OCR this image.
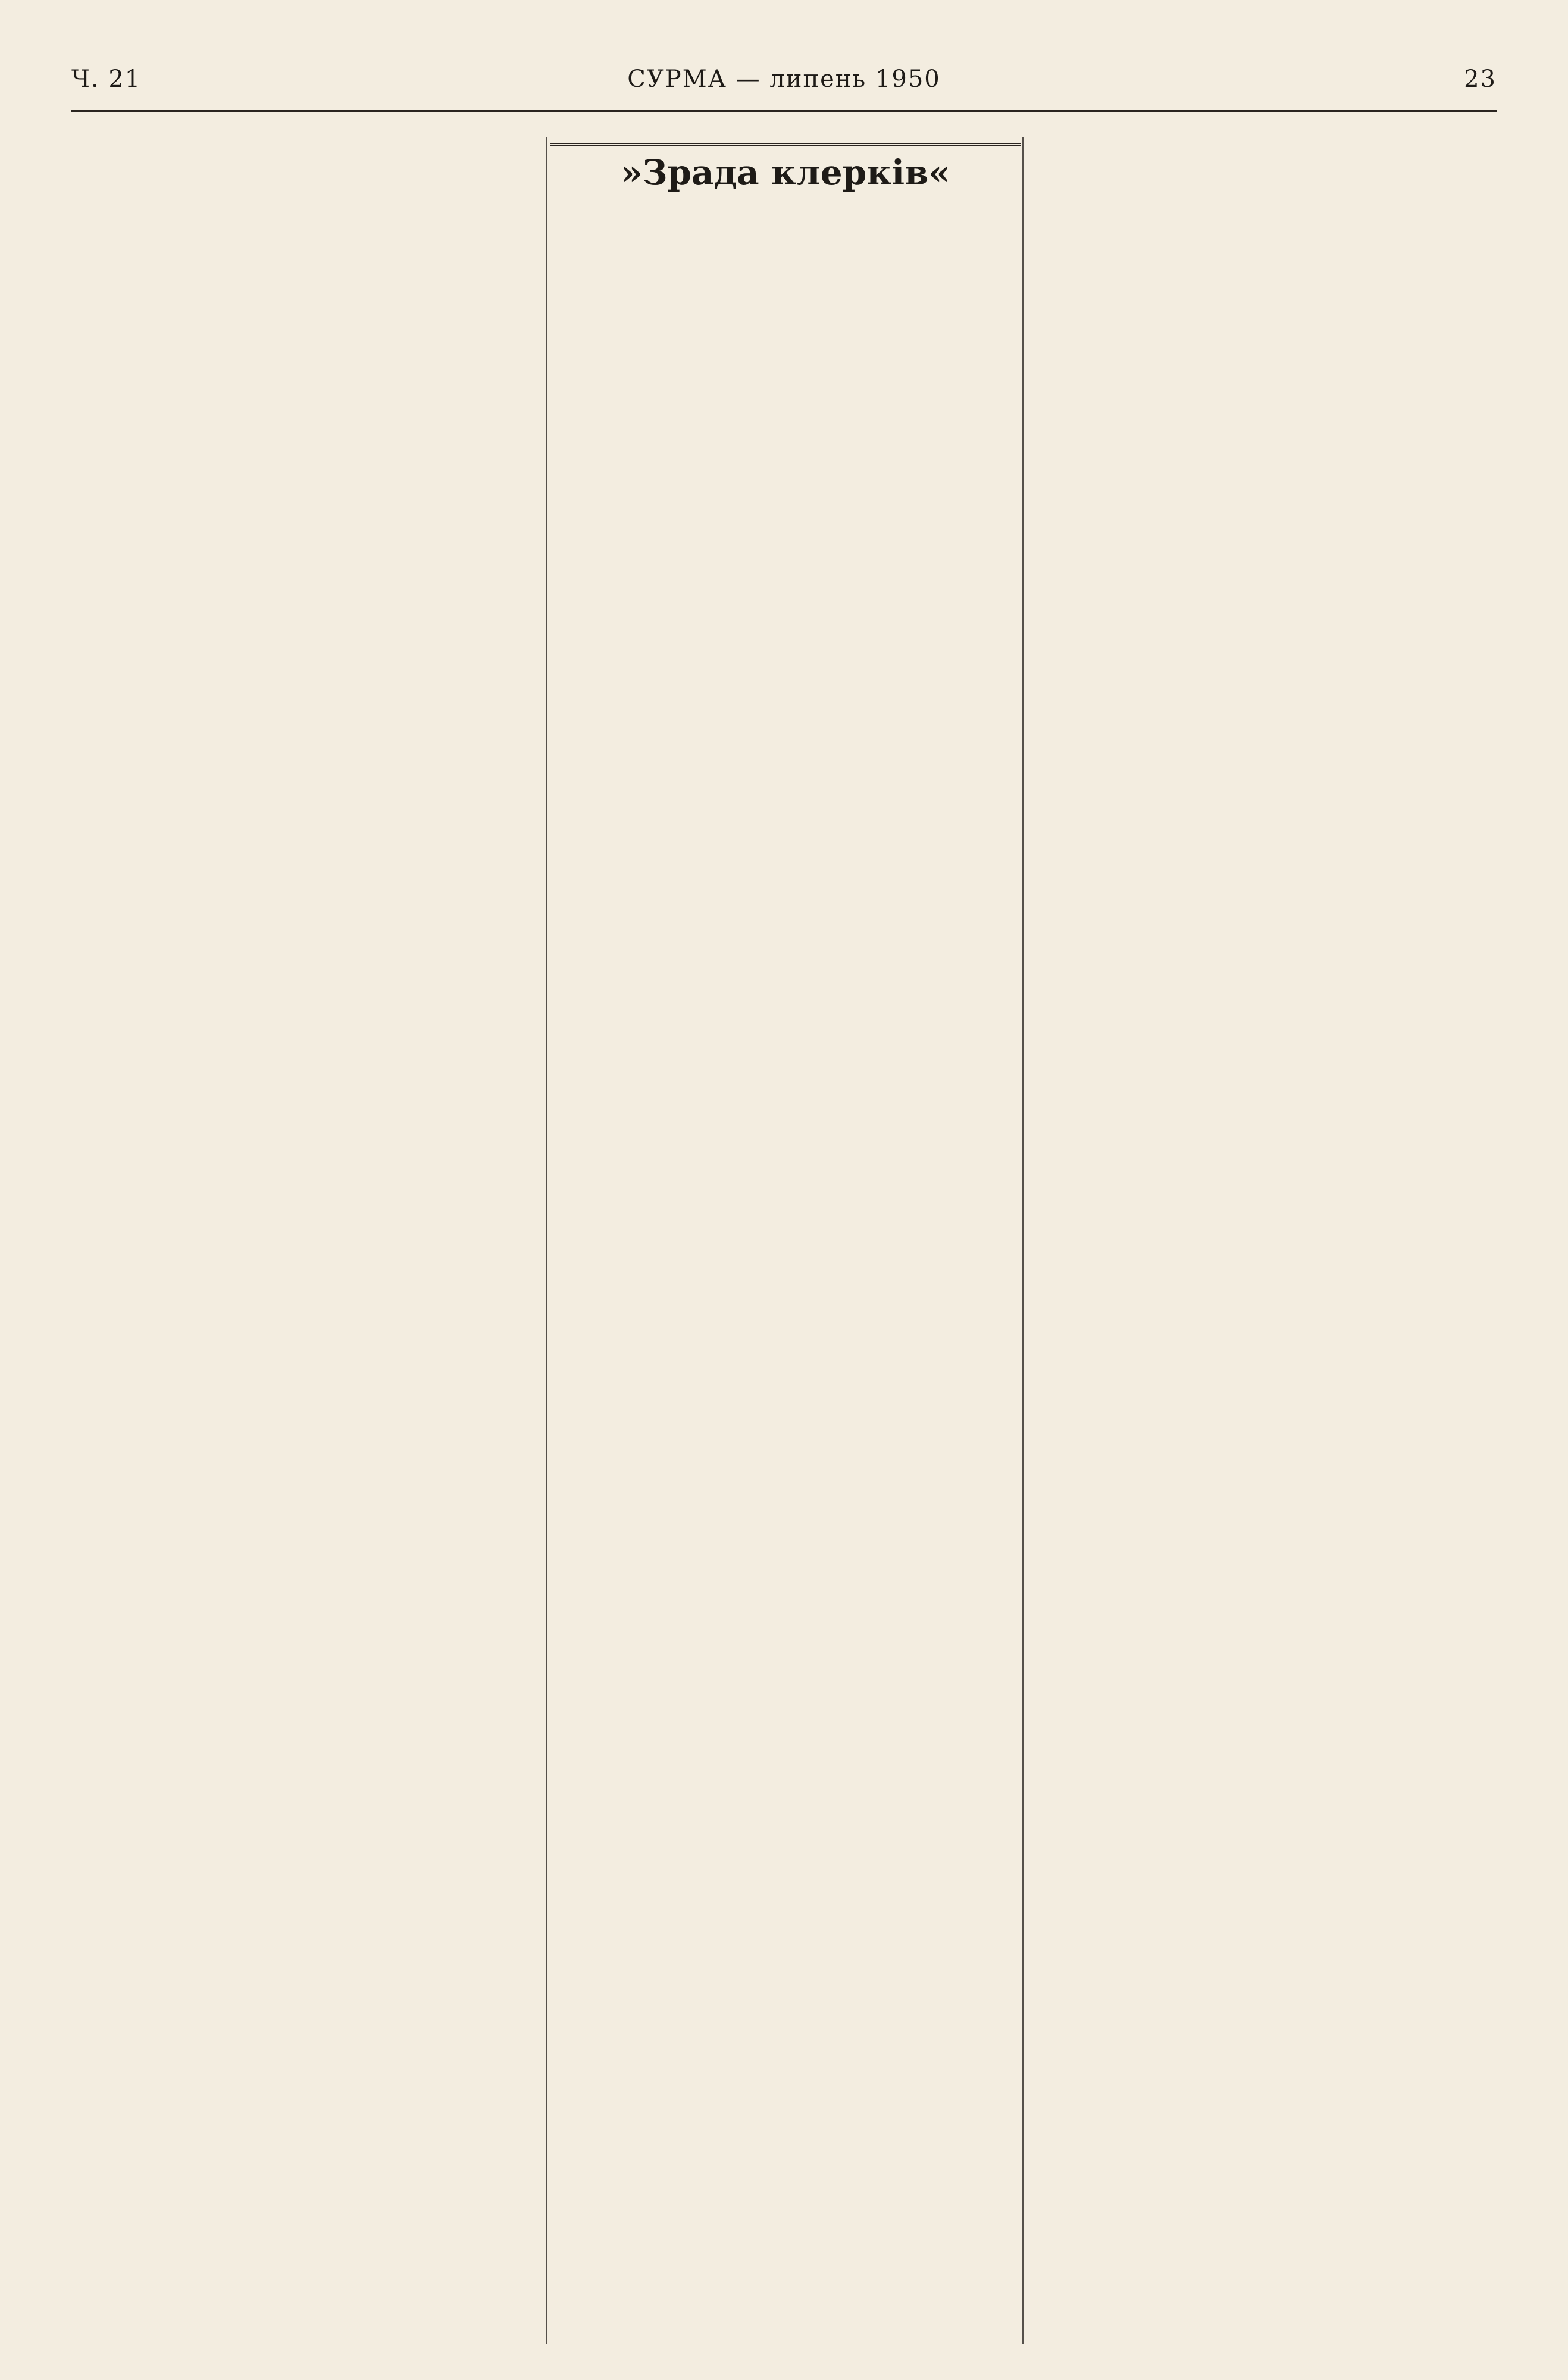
Ч. 21	СУРМА — липень 1950	23
»Зрада клерків«
